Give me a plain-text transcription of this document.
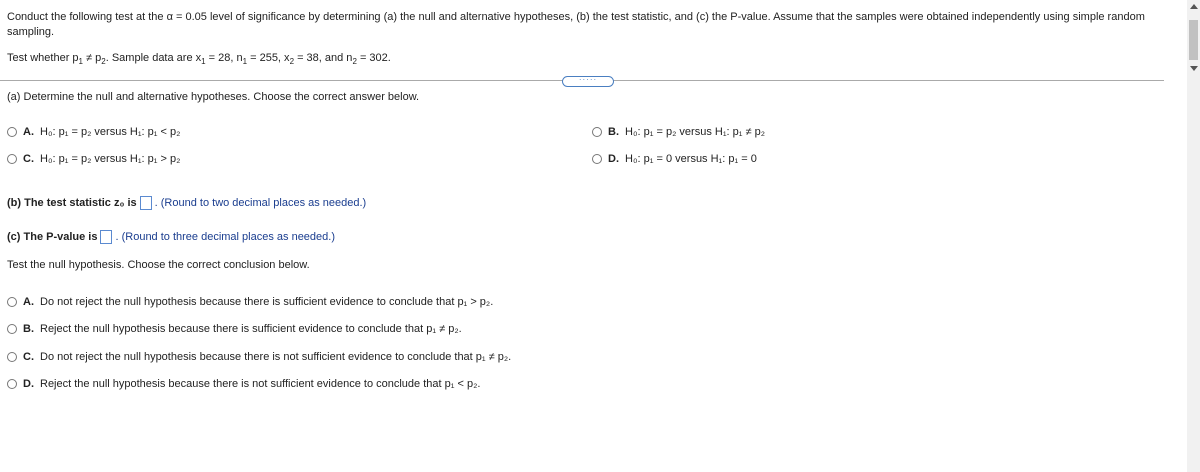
Conduct the following test at the α = 0.05 level of significance by determining (a) the null and alternative hypotheses, (b) the test statistic, and (c) the P-value. Assume that the samples were obtained independently using simple random sampling.
Test whether $p_1 \ne p_2$. Sample data are $x_1 = 28$, $n_1 = 255$, $x_2 = 38$, and $n_2 = 302$.
·····
(a) Determine the null and alternative hypotheses. Choose the correct answer below.
A. H₀: p₁ = p₂ versus H₁: p₁ < p₂	B. H₀: p₁ = p₂ versus H₁: p₁ ≠ p₂
C. H₀: p₁ = p₂ versus H₁: p₁ > p₂	D. H₀: p₁ = 0 versus H₁: p₁ = 0
(b) The test statistic z₀ is . (Round to two decimal places as needed.)
(c) The P-value is . (Round to three decimal places as needed.)
Test the null hypothesis. Choose the correct conclusion below.
A. Do not reject the null hypothesis because there is sufficient evidence to conclude that p₁ > p₂.
B. Reject the null hypothesis because there is sufficient evidence to conclude that p₁ ≠ p₂.
C. Do not reject the null hypothesis because there is not sufficient evidence to conclude that p₁ ≠ p₂.
D. Reject the null hypothesis because there is not sufficient evidence to conclude that p₁ < p₂.
